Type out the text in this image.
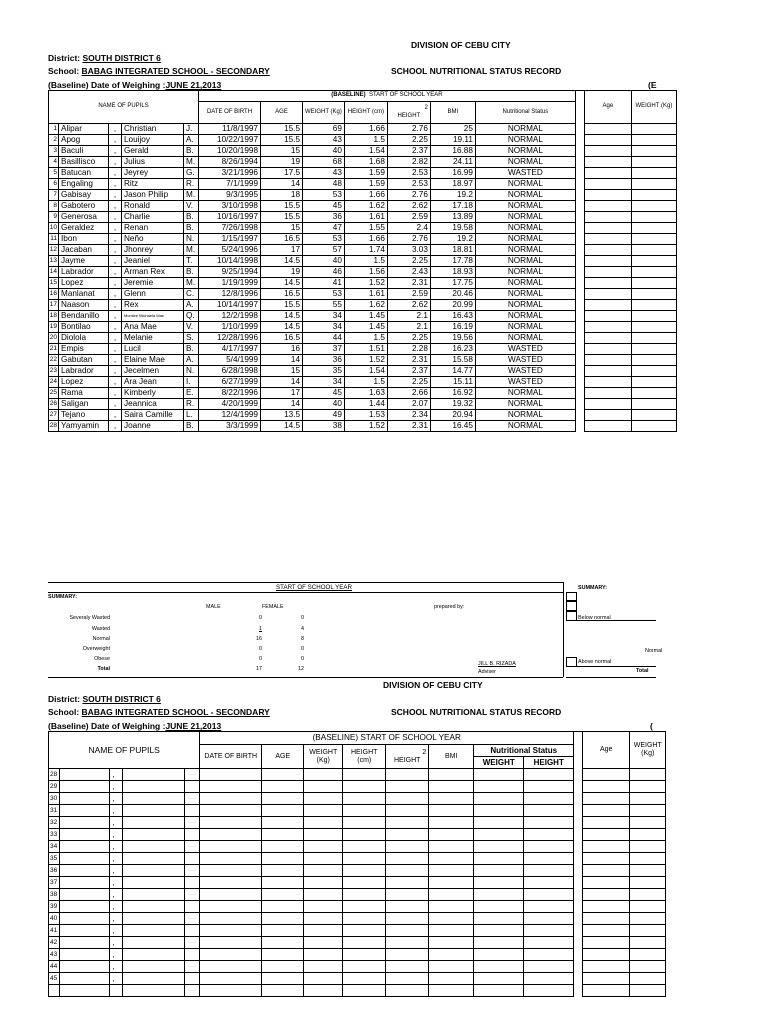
DIVISION OF CEBU CITY
District: SOUTH DISTRICT 6
School: BABAG INTEGRATED SCHOOL - SECONDARY	SCHOOL NUTRITIONAL STATUS RECORD
(Baseline) Date of Weighing :JUNE 21,2013	(E
NAME OF PUPILS					(BASELINE) START OF SCHOOL YEAR								Age	WEIGHT (Kg)
					DATE OF BIRTH	AGE	WEIGHT (Kg)	HEIGHT (cm)	2
HEIGHT	BMI	Nutritional Status			
1	Alipar	,	Christian	J.	11/8/1997	15.5	69	1.66	2.76	25	NORMAL			
2	Apog	,	Louijoy	A.	10/22/1997	15.5	43	1.5	2.25	19.11	NORMAL			
3	Baculi	,	Gerald	B.	10/20/1998	15	40	1.54	2.37	16.88	NORMAL			
4	Basillisco	,	Julius	M.	8/26/1994	19	68	1.68	2.82	24.11	NORMAL			
5	Batucan	,	Jeyrey	G.	3/21/1996	17.5	43	1.59	2.53	16.99	WASTED			
6	Engaling	,	Ritz	R.	7/1/1999	14	48	1.59	2.53	18.97	NORMAL			
7	Gabisay	,	Jason Philip	M.	9/3/1995	18	53	1.66	2.76	19.2	NORMAL			
8	Gabotero	,	Ronald	V.	3/10/1998	15.5	45	1.62	2.62	17.18	NORMAL			
9	Generosa	,	Charlie	B.	10/16/1997	15.5	36	1.61	2.59	13.89	NORMAL			
10	Geraldez	,	Renan	B.	7/26/1998	15	47	1.55	2.4	19.58	NORMAL			
11	Ibon	,	Neño	N.	1/15/1997	16.5	53	1.66	2.76	19.2	NORMAL			
12	Jacaban	,	Jhonrey	M.	5/24/1996	17	57	1.74	3.03	18.81	NORMAL			
13	Jayme	,	Jeaniel	T.	10/14/1998	14.5	40	1.5	2.25	17.78	NORMAL			
14	Labrador	,	Arman Rex	B.	9/25/1994	19	46	1.56	2.43	18.93	NORMAL			
15	Lopez	,	Jeremie	M.	1/19/1999	14.5	41	1.52	2.31	17.75	NORMAL			
16	Manlanat	,	Glenn	C.	12/8/1996	16.5	53	1.61	2.59	20.46	NORMAL			
17	Naason	,	Rex	A.	10/14/1997	15.5	55	1.62	2.62	20.99	NORMAL			
18	Bendanillo	,	Montize Michaela Mae	Q.	12/2/1998	14.5	34	1.45	2.1	16.43	NORMAL			
19	Bontilao	,	Ana Mae	V.	1/10/1999	14.5	34	1.45	2.1	16.19	NORMAL			
20	Diolola	,	Melanie	S.	12/28/1996	16.5	44	1.5	2.25	19.56	NORMAL			
21	Empis	,	Lucil	B.	4/17/1997	16	37	1.51	2.28	16.23	WASTED			
22	Gabutan	,	Elaine Mae	A.	5/4/1999	14	36	1.52	2.31	15.58	WASTED			
23	Labrador	,	Jecelmen	N.	6/28/1998	15	35	1.54	2.37	14.77	WASTED			
24	Lopez	,	Ara Jean	I.	6/27/1999	14	34	1.5	2.25	15.11	WASTED			
25	Rama	,	Kimberly	E.	8/22/1996	17	45	1.63	2.66	16.92	NORMAL			
26	Saligan	,	Jeannica	R.	4/20/1999	14	40	1.44	2.07	19.32	NORMAL			
27	Tejano	,	Saira Camille	L.	12/4/1999	13.5	49	1.53	2.34	20.94	NORMAL			
28	Yamyamin	,	Joanne	B.	3/3/1999	14.5	38	1.52	2.31	16.45	NORMAL			
START OF SCHOOL YEAR
SUMMARY:
MALE	FEMALE	prepared by:
Severaly Wasted	0	0
Wasted	1	4
Normal	16	8
Overweight	0	0
Obese	0	0
Total	17	12
JILL B. RIZADA
Adviser
SUMMARY:
Below normal
Normal
Above normal
Total
DIVISION OF CEBU CITY
District: SOUTH DISTRICT 6
School: BABAG INTEGRATED SCHOOL - SECONDARY	SCHOOL NUTRITIONAL STATUS RECORD
(Baseline) Date of Weighing :JUNE 21,2013	(
NAME OF PUPILS					(BASELINE) START OF SCHOOL YEAR									Age	WEIGHT (Kg)
					DATE OF BIRTH	AGE	WEIGHT (Kg)	HEIGHT (cm)	2
HEIGHT	BMI	Nutritional Status				
											WEIGHT	HEIGHT			
28		,													
29		,													
30		,													
31		,													
32		,													
33		,													
34		,													
35		,													
36		,													
37		,													
38		,													
39		,													
40		,													
41		,													
42		,													
43		,													
44		,													
45		,													
